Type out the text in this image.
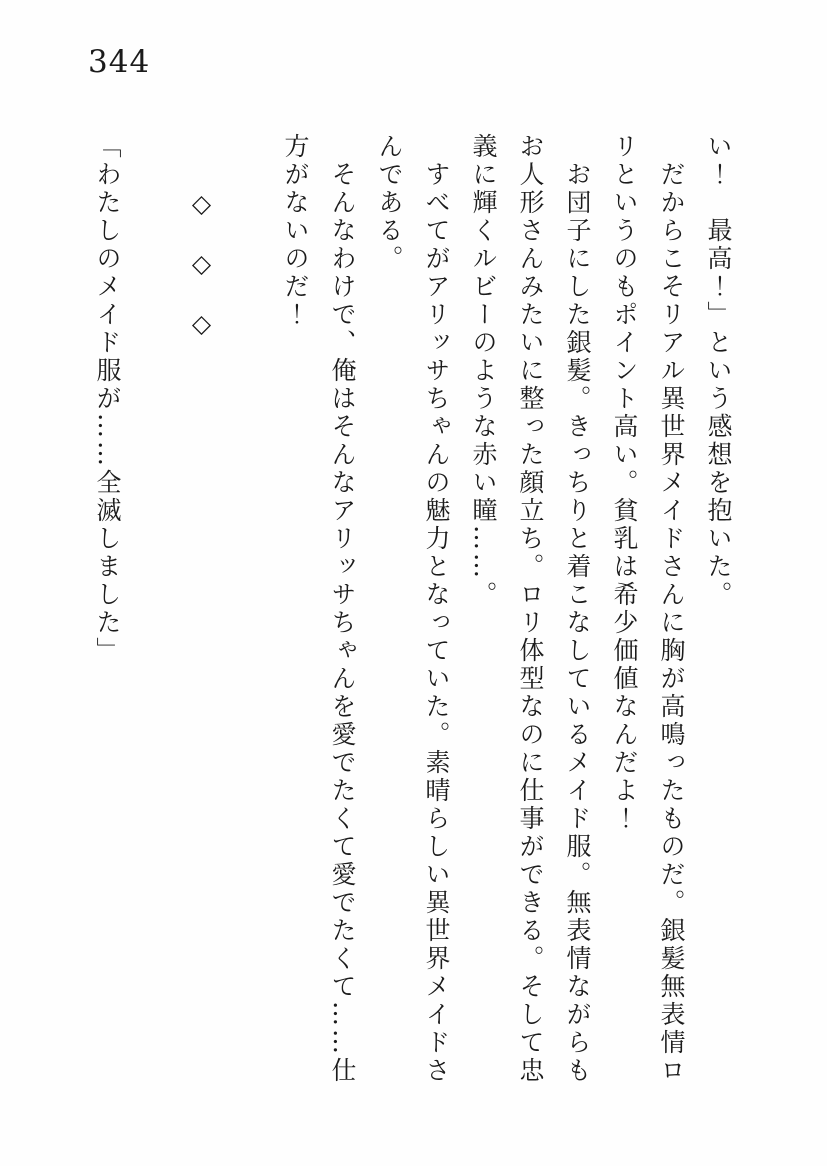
344

い！　最高！」という感想を抱いた。

だからこそリアル異世界メイドさんに胸が高鳴ったものだ。銀髪無表情ロリというのもポイント高い。貧乳は希少価値なんだよ！

お団子にした銀髪。きっちりと着こなしているメイド服。無表情ながらもお人形さんみたいに整った顔立ち。ロリ体型なのに仕事ができる。そして忠義に輝くルビーのような赤い瞳……。

すべてがアリッサちゃんの魅力となっていた。素晴らしい異世界メイドさんである。

そんなわけで、俺はそんなアリッサちゃんを愛でたくて愛でたくて……仕方がないのだ！

◇　◇　◇

「わたしのメイド服が……全滅しました」
